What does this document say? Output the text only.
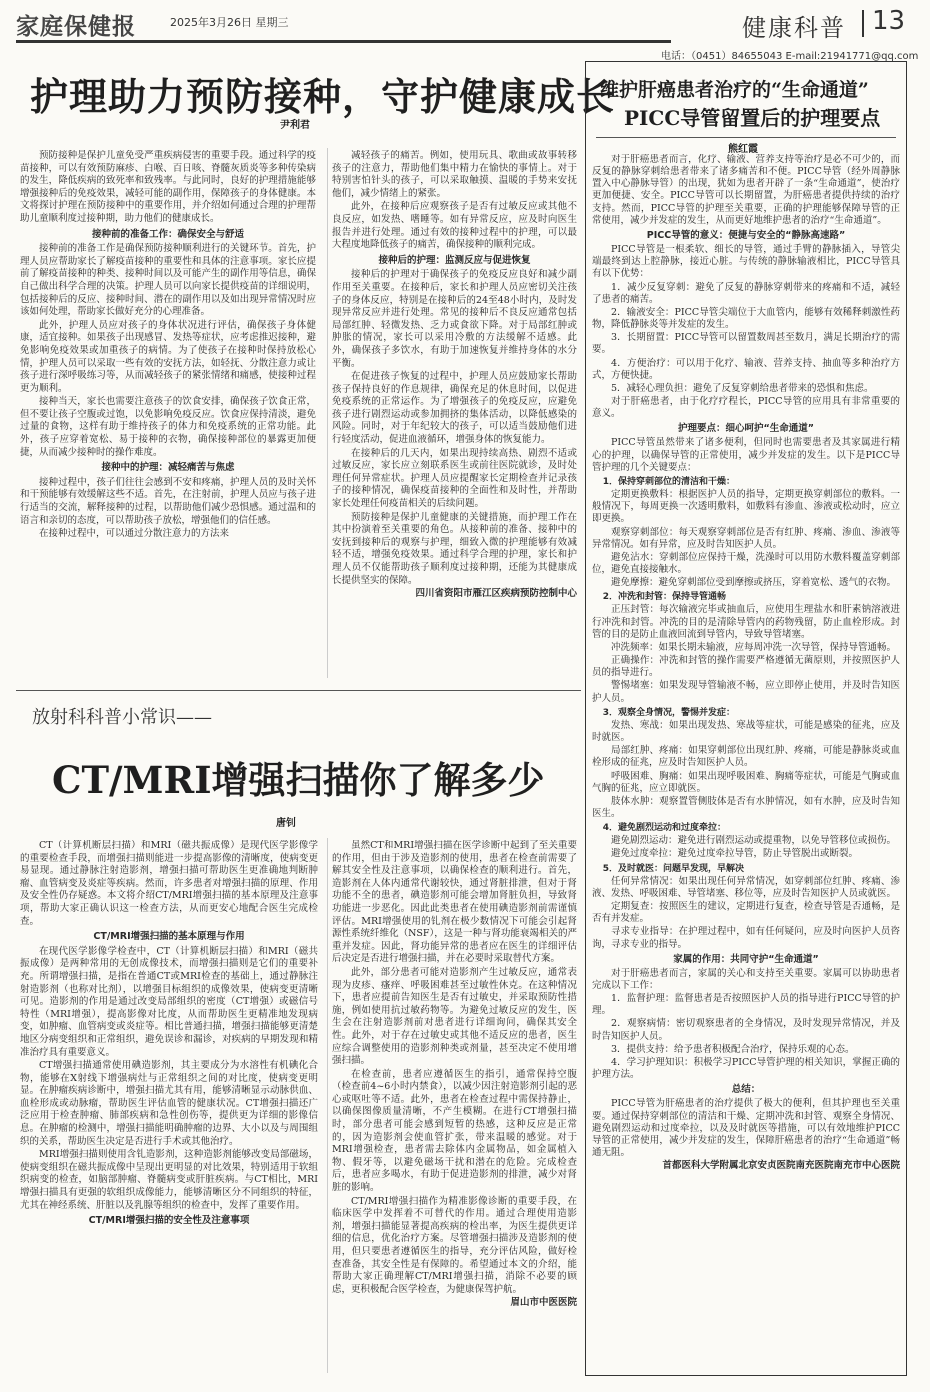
家庭保健报	2025年3月26日 星期三	健康科普 13
电话：（0451）84655043 E-mail:21941771@qq.com
护理助力预防接种，守护健康成长
尹利君

预防接种是保护儿童免受严重疾病侵害的重要手段。通过科学的疫苗接种，可以有效预防麻疹、白喉、百日咳、脊髓灰质炎等多种传染病的发生，降低疾病的致死率和致残率。与此同时，良好的护理措施能够增强接种后的免疫效果，减轻可能的副作用，保障孩子的身体健康。本文将探讨护理在预防接种中的重要作用，并介绍如何通过合理的护理帮助儿童顺利度过接种期，助力他们的健康成长。

接种前的准备工作：确保安全与舒适

接种前的准备工作是确保预防接种顺利进行的关键环节。首先，护理人员应帮助家长了解疫苗接种的重要性和具体的注意事项。家长应提前了解疫苗接种的种类、接种时间以及可能产生的副作用等信息，确保自己做出科学合理的决策。护理人员可以向家长提供疫苗的详细说明，包括接种后的反应、接种时间、潜在的副作用以及如出现异常情况时应该如何处理，帮助家长做好充分的心理准备。

此外，护理人员应对孩子的身体状况进行评估，确保孩子身体健康，适宜接种。如果孩子出现感冒、发热等症状，应考虑推迟接种，避免影响免疫效果或加重孩子的病情。为了使孩子在接种时保持放松心情，护理人员可以采取一些有效的安抚方法，如轻抚、分散注意力或让孩子进行深呼吸练习等，从而减轻孩子的紧张情绪和痛感，使接种过程更为顺利。

接种当天，家长也需要注意孩子的饮食安排，确保孩子饮食正常，但不要让孩子空腹或过饱，以免影响免疫反应。饮食应保持清淡，避免过量的食物，这样有助于维持孩子的体力和免疫系统的正常功能。此外，孩子应穿着宽松、易于接种的衣物，确保接种部位的暴露更加便捷，从而减少接种时的操作难度。

接种中的护理：减轻痛苦与焦虑

接种过程中，孩子们往往会感到不安和疼痛，护理人员的及时关怀和干预能够有效缓解这些不适。首先，在注射前，护理人员应与孩子进行适当的交流，解释接种的过程，以帮助他们减少恐惧感。通过温和的语言和亲切的态度，可以帮助孩子放松，增强他们的信任感。

在接种过程中，可以通过分散注意力的方法来

减轻孩子的痛苦。例如，使用玩具、歌曲或故事转移孩子的注意力，帮助他们集中精力在愉快的事情上。对于特别害怕针头的孩子，可以采取触摸、温暖的手势来安抚他们，减少情绪上的紧张。

此外，在接种后应观察孩子是否有过敏反应或其他不良反应，如发热、嗜睡等。如有异常反应，应及时向医生报告并进行处理。通过有效的接种过程中的护理，可以最大程度地降低孩子的痛苦，确保接种的顺利完成。

接种后的护理：监测反应与促进恢复

接种后的护理对于确保孩子的免疫反应良好和减少副作用至关重要。在接种后，家长和护理人员应密切关注孩子的身体反应，特别是在接种后的24至48小时内，及时发现异常反应并进行处理。常见的接种后不良反应通常包括局部红肿、轻微发热、乏力或食欲下降。对于局部红肿或肿胀的情况，家长可以采用冷敷的方法缓解不适感。此外，确保孩子多饮水，有助于加速恢复并维持身体的水分平衡。

在促进孩子恢复的过程中，护理人员应鼓励家长帮助孩子保持良好的作息规律，确保充足的休息时间，以促进免疫系统的正常运作。为了增强孩子的免疫反应，应避免孩子进行剧烈运动或参加拥挤的集体活动，以降低感染的风险。同时，对于年纪较大的孩子，可以适当鼓励他们进行轻度活动，促进血液循环，增强身体的恢复能力。

在接种后的几天内，如果出现持续高热、剧烈不适或过敏反应，家长应立刻联系医生或前往医院就诊，及时处理任何异常症状。护理人员应提醒家长定期检查并记录孩子的接种情况，确保疫苗接种的全面性和及时性，并帮助家长处理任何疫苗相关的后续问题。

预防接种是保护儿童健康的关键措施，而护理工作在其中扮演着至关重要的角色。从接种前的准备、接种中的安抚到接种后的观察与护理，细致入微的护理能够有效减轻不适，增强免疫效果。通过科学合理的护理，家长和护理人员不仅能帮助孩子顺利度过接种期，还能为其健康成长提供坚实的保障。

四川省资阳市雁江区疾病预防控制中心

放射科科普小常识——
CT/MRI增强扫描你了解多少
唐钊

CT（计算机断层扫描）和MRI（磁共振成像）是现代医学影像学的重要检查手段，而增强扫描则能进一步提高影像的清晰度，使病变更易显现。通过静脉注射造影剂，增强扫描可帮助医生更准确地判断肿瘤、血管病变及炎症等疾病。然而，许多患者对增强扫描的原理、作用及安全性仍存疑惑。本文将介绍CT/MRI增强扫描的基本原理及注意事项，帮助大家正确认识这一检查方法，从而更安心地配合医生完成检查。

CT/MRI增强扫描的基本原理与作用

在现代医学影像学检查中，CT（计算机断层扫描）和MRI（磁共振成像）是两种常用的无创成像技术，而增强扫描则是它们的重要补充。所谓增强扫描，是指在普通CT或MRI检查的基础上，通过静脉注射造影剂（也称对比剂），以增强目标组织的成像效果，使病变更清晰可见。造影剂的作用是通过改变局部组织的密度（CT增强）或磁信号特性（MRI增强），提高影像对比度，从而帮助医生更精准地发现病变，如肿瘤、血管病变或炎症等。相比普通扫描，增强扫描能够更清楚地区分病变组织和正常组织，避免误诊和漏诊，对疾病的早期发现和精准治疗具有重要意义。

CT增强扫描通常使用碘造影剂，其主要成分为水溶性有机碘化合物，能够在X射线下增强病灶与正常组织之间的对比度，使病变更明显。在肿瘤疾病诊断中，增强扫描尤其有用，能够清晰显示动脉供血、血栓形成或动脉瘤，帮助医生评估血管的健康状况。CT增强扫描还广泛应用于检查肿瘤、肺部疾病和急性创伤等，提供更为详细的影像信息。在肿瘤的检测中，增强扫描能明确肿瘤的边界、大小以及与周围组织的关系，帮助医生决定是否进行手术或其他治疗。

MRI增强扫描则使用含钆造影剂，这种造影剂能够改变局部磁场，使病变组织在磁共振成像中呈现出更明显的对比效果，特别适用于软组织病变的检查，如脑部肿瘤、脊髓病变或肝脏疾病。与CT相比，MRI增强扫描具有更强的软组织成像能力，能够清晰区分不同组织的特征，尤其在神经系统、肝脏以及乳腺等组织的检查中，发挥了重要作用。

CT/MRI增强扫描的安全性及注意事项

虽然CT和MRI增强扫描在医学诊断中起到了至关重要的作用，但由于涉及造影剂的使用，患者在检查前需要了解其安全性及注意事项，以确保检查的顺利进行。首先，造影剂在人体内通常代谢较快，通过肾脏排泄，但对于肾功能不全的患者，碘造影剂可能会增加肾脏负担，导致肾功能进一步恶化。因此此类患者在使用碘造影剂前需谨慎评估。MRI增强使用的钆剂在极少数情况下可能会引起肾源性系统纤维化（NSF），这是一种与肾功能衰竭相关的严重并发症。因此，肾功能异常的患者应在医生的详细评估后决定是否进行增强扫描，并在必要时采取替代方案。

此外，部分患者可能对造影剂产生过敏反应，通常表现为皮疹、瘙痒、呼吸困难甚至过敏性休克。在这种情况下，患者应提前告知医生是否有过敏史，并采取预防性措施，例如使用抗过敏药物等。为避免过敏反应的发生，医生会在注射造影剂前对患者进行详细询问，确保其安全性。此外，对于存在过敏史或其他不适反应的患者，医生应综合调整使用的造影剂种类或剂量，甚至决定不使用增强扫描。

在检查前，患者应遵循医生的指引，通常保持空腹（检查前4~6小时内禁食），以减少因注射造影剂引起的恶心或呕吐等不适。此外，患者在检查过程中需保持静止，以确保图像质量清晰，不产生模糊。在进行CT增强扫描时，部分患者可能会感到短暂的热感，这种反应是正常的，因为造影剂会使血管扩张，带来温暖的感觉。对于MRI增强检查，患者需去除体内金属物品，如金属植入物、假牙等，以避免磁场干扰和潜在的危险。完成检查后，患者应多喝水，有助于促进造影剂的排泄，减少对肾脏的影响。

CT/MRI增强扫描作为精准影像诊断的重要手段，在临床医学中发挥着不可替代的作用。通过合理使用造影剂，增强扫描能显著提高疾病的检出率，为医生提供更详细的信息，优化治疗方案。尽管增强扫描涉及造影剂的使用，但只要患者遵循医生的指导，充分评估风险，做好检查准备，其安全性是有保障的。希望通过本文的介绍，能帮助大家正确理解CT/MRI增强扫描，消除不必要的顾虑，更积极配合医学检查，为健康保驾护航。

眉山市中医医院

维护肝癌患者治疗的“生命通道”
PICC导管留置后的护理要点
熊红霞

对于肝癌患者而言，化疗、输液、营养支持等治疗是必不可少的，而反复的静脉穿刺给患者带来了诸多痛苦和不便。PICC导管（经外周静脉置入中心静脉导管）的出现，犹如为患者开辟了一条“生命通道”，使治疗更加便捷、安全。PICC导管可以长期留置，为肝癌患者提供持续的治疗支持。然而，PICC导管的护理至关重要，正确的护理能够保障导管的正常使用，减少并发症的发生，从而更好地维护患者的治疗“生命通道”。

PICC导管的意义：便捷与安全的“静脉高速路”

PICC导管是一根柔软、细长的导管，通过手臂的静脉插入，导管尖端最终到达上腔静脉，接近心脏。与传统的静脉输液相比，PICC导管具有以下优势：

1．减少反复穿刺：避免了反复的静脉穿刺带来的疼痛和不适，减轻了患者的痛苦。

2．输液安全：PICC导管尖端位于大血管内，能够有效稀释刺激性药物，降低静脉炎等并发症的发生。

3．长期留置：PICC导管可以留置数周甚至数月，满足长期治疗的需要。

4．方便治疗：可以用于化疗、输液、营养支持、抽血等多种治疗方式，方便快捷。

5．减轻心理负担：避免了反复穿刺给患者带来的恐惧和焦虑。

对于肝癌患者，由于化疗疗程长，PICC导管的应用具有非常重要的意义。

护理要点：细心呵护“生命通道”

PICC导管虽然带来了诸多便利，但同时也需要患者及其家属进行精心的护理，以确保导管的正常使用，减少并发症的发生。以下是PICC导管护理的几个关键要点：

1．保持穿刺部位的清洁和干燥：

定期更换敷料：根据医护人员的指导，定期更换穿刺部位的敷料。一般情况下，每周更换一次透明敷料，如敷料有渗血、渗液或松动时，应立即更换。

观察穿刺部位：每天观察穿刺部位是否有红肿、疼痛、渗血、渗液等异常情况。如有异常，应及时告知医护人员。

避免沾水：穿刺部位应保持干燥，洗澡时可以用防水敷料覆盖穿刺部位，避免直接接触水。

避免摩擦：避免穿刺部位受到摩擦或挤压，穿着宽松、透气的衣物。

2．冲洗和封管：保持导管通畅

正压封管：每次输液完毕或抽血后，应使用生理盐水和肝素钠溶液进行冲洗和封管。冲洗的目的是清除导管内的药物残留，防止血栓形成。封管的目的是防止血液回流到导管内，导致导管堵塞。

冲洗频率：如果长期未输液，应每周冲洗一次导管，保持导管通畅。

正确操作：冲洗和封管的操作需要严格遵循无菌原则，并按照医护人员的指导进行。

警惕堵塞：如果发现导管输液不畅，应立即停止使用，并及时告知医护人员。

3．观察全身情况，警惕并发症：

发热、寒战：如果出现发热、寒战等症状，可能是感染的征兆，应及时就医。

局部红肿、疼痛：如果穿刺部位出现红肿、疼痛，可能是静脉炎或血栓形成的征兆，应及时告知医护人员。

呼吸困难、胸痛：如果出现呼吸困难、胸痛等症状，可能是气胸或血气胸的征兆，应立即就医。

肢体水肿：观察置管侧肢体是否有水肿情况，如有水肿，应及时告知医生。

4．避免剧烈运动和过度牵拉：

避免剧烈运动：避免进行剧烈运动或提重物，以免导管移位或损伤。

避免过度牵拉：避免过度牵拉导管，防止导管脱出或断裂。

5．及时就医：问题早发现，早解决

任何异常情况：如果出现任何异常情况，如穿刺部位红肿、疼痛、渗液、发热、呼吸困难、导管堵塞、移位等，应及时告知医护人员或就医。

定期复查：按照医生的建议，定期进行复查，检查导管是否通畅，是否有并发症。

寻求专业指导：在护理过程中，如有任何疑问，应及时向医护人员咨询，寻求专业的指导。

家属的作用：共同守护“生命通道”

对于肝癌患者而言，家属的关心和支持至关重要。家属可以协助患者完成以下工作：

1．监督护理：监督患者是否按照医护人员的指导进行PICC导管的护理。

2．观察病情：密切观察患者的全身情况，及时发现异常情况，并及时告知医护人员。

3．提供支持：给予患者积极配合治疗，保持乐观的心态。

4．学习护理知识：积极学习PICC导管护理的相关知识，掌握正确的护理方法。

总结：

PICC导管为肝癌患者的治疗提供了极大的便利，但其护理也至关重要。通过保持穿刺部位的清洁和干燥、定期冲洗和封管、观察全身情况、避免剧烈运动和过度牵拉，以及及时就医等措施，可以有效地维护PICC导管的正常使用，减少并发症的发生，保障肝癌患者的治疗“生命通道”畅通无阻。

首都医科大学附属北京安贞医院南充医院南充市中心医院
